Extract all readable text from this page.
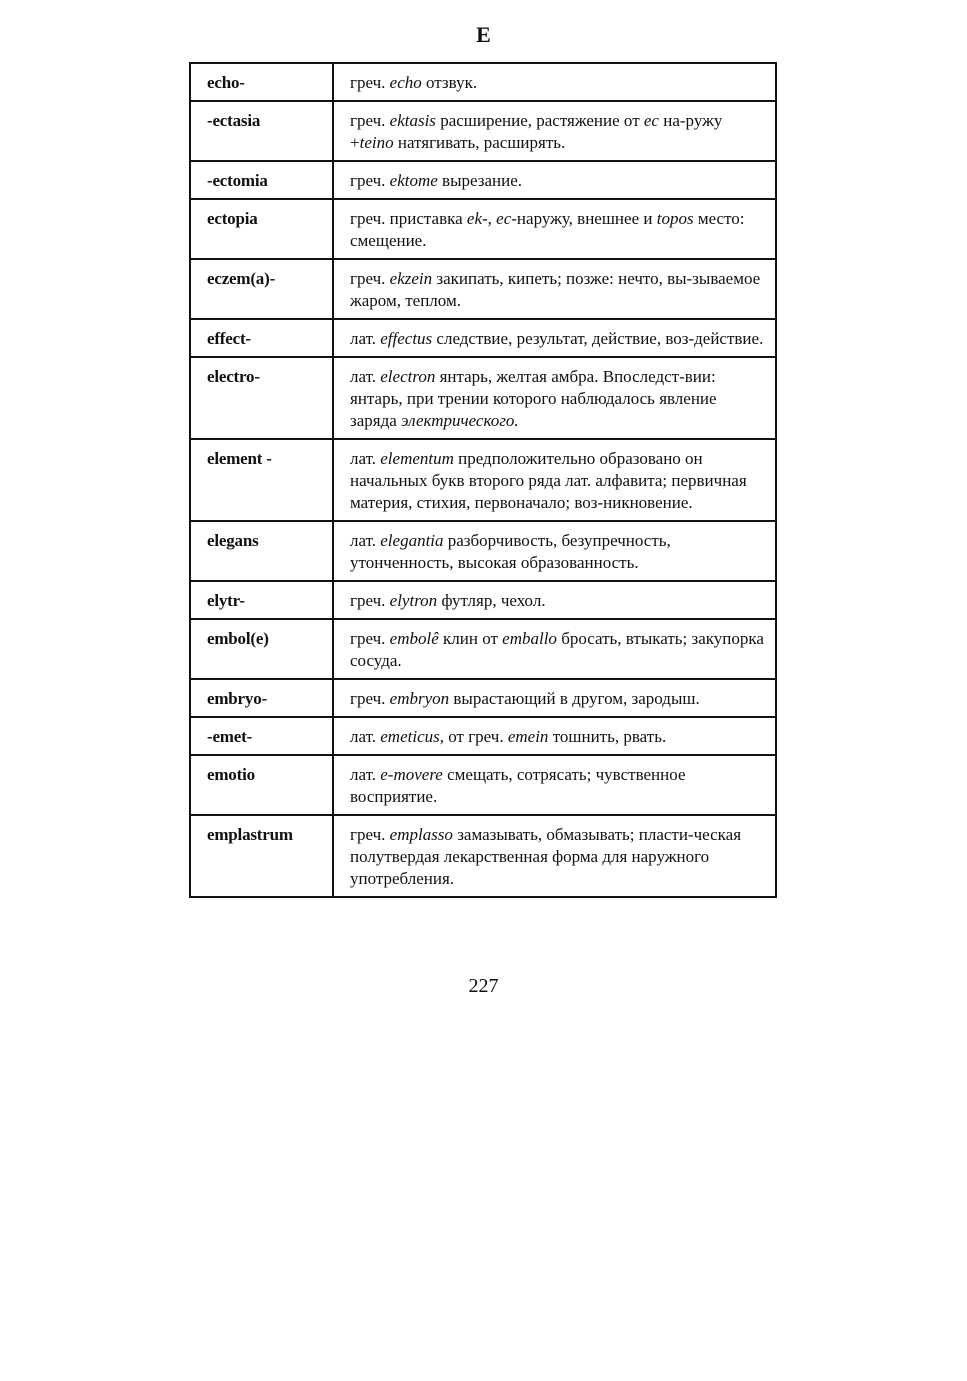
E
echo-	греч. echo отзвук.
-ectasia	греч. ektasis расширение, растяжение от ec на-ружу +teino натягивать, расширять.
-ectomia	греч. ektome вырезание.
ectopia	греч. приставка ek-, ec-наружу, внешнее и topos место: смещение.
eczem(a)-	греч. ekzein закипать, кипеть; позже: нечто, вы-зываемое жаром, теплом.
effect-	лат. effectus следствие, результат, действие, воз-действие.
electro-	лат. electron янтарь, желтая амбра. Впоследст-вии: янтарь, при трении которого наблюдалось явление заряда электрического.
element -	лат. elementum предположительно образовано он начальных букв второго ряда лат. алфавита; первичная материя, стихия, первоначало; воз-никновение.
elegans	лат. elegantia разборчивость, безупречность, утонченность, высокая образованность.
elytr-	греч. elytron футляр, чехол.
embol(e)	греч. embolê клин от emballo бросать, втыкать; закупорка сосуда.
embryo-	греч. embryon вырастающий в другом, зародыш.
-emet-	лат. emeticus, от греч. emein тошнить, рвать.
emotio	лат. e-movere смещать, сотрясать; чувственное восприятие.
emplastrum	греч. emplasso замазывать, обмазывать; пласти-ческая полутвердая лекарственная форма для наружного употребления.
227
